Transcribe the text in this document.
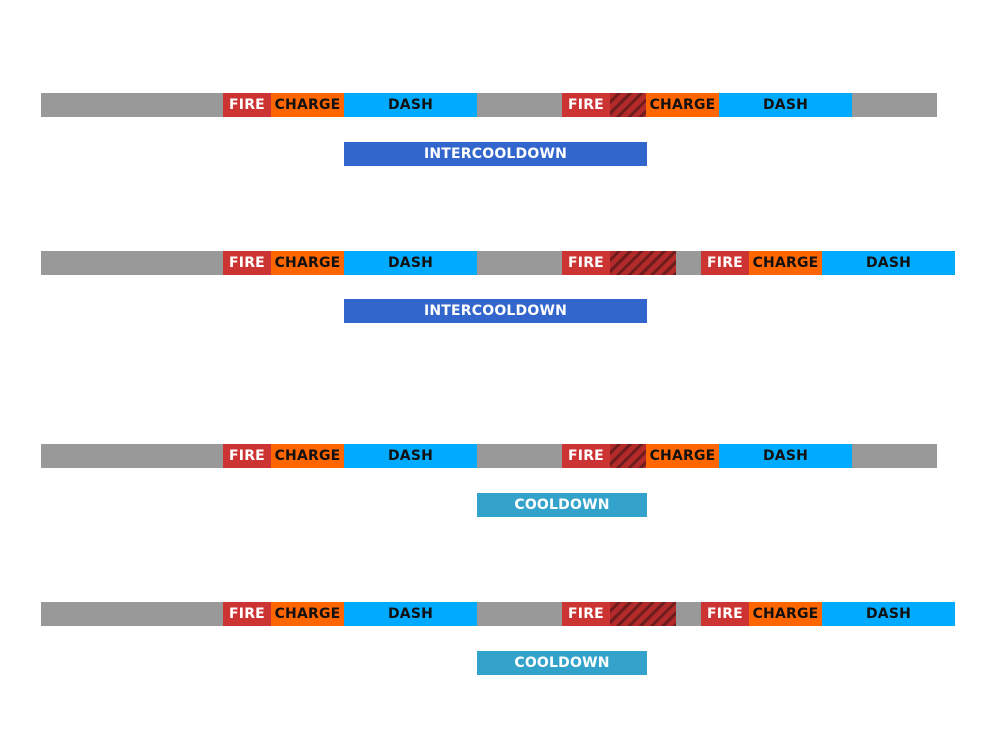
FIRE CHARGE	DASH	FIRE	CHARGE	DASH
INTERCOOLDOWN
FIRE CHARGE	DASH	FIRE	FIRE CHARGE	DASH
INTERCOOLDOWN
FIRE CHARGE	DASH	FIRE	CHARGE	DASH
COOLDOWN
FIRE CHARGE	DASH	FIRE	FIRE CHARGE	DASH
COOLDOWN
